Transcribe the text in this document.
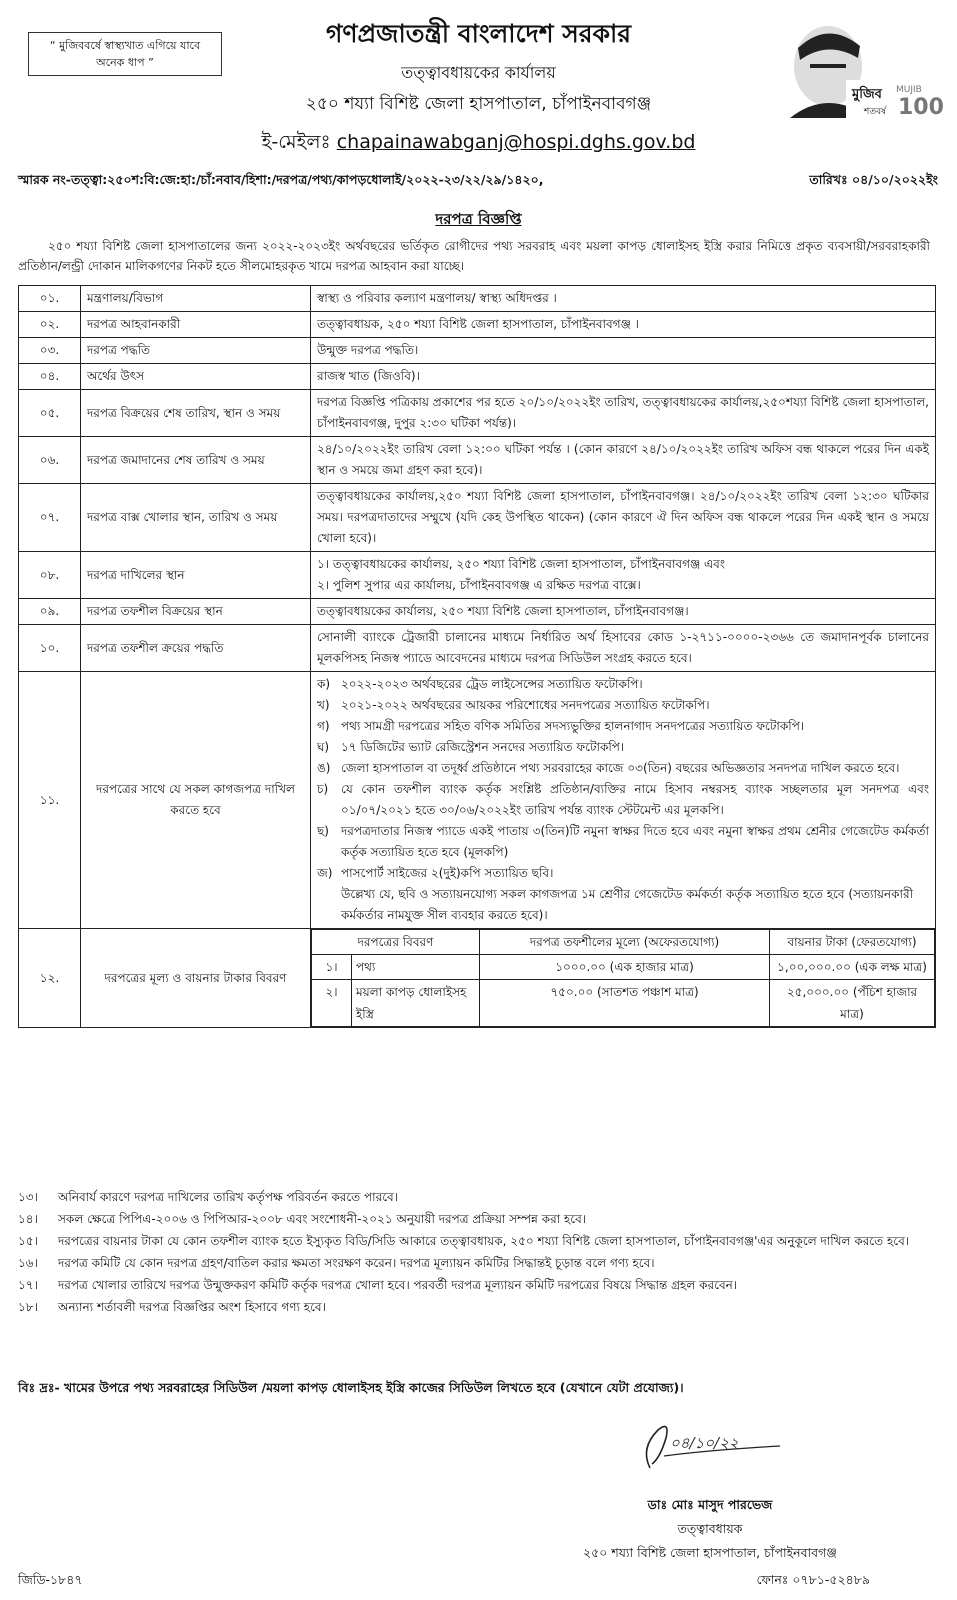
“ মুজিববর্ষে স্বাস্থ্যখাত এগিয়ে যাবে অনেক ধাপ ”
গণপ্রজাতন্ত্রী বাংলাদেশ সরকার
তত্ত্বাবধায়কের কার্যালয়
২৫০ শয্যা বিশিষ্ট জেলা হাসপাতাল, চাঁপাইনবাবগঞ্জ
ই-মেইলঃ chapainawabganj@hospi.dghs.gov.bd
মুজিব
100
MUJIB
শতবর্ষ
স্মারক নং-তত্ত্বা:২৫০শ:বি:জে:হা:/চাঁ:নবাব/হিশা:/দরপত্র/পথ্য/কাপড়ধোলাই/২০২২-২৩/২২/২৯/১৪২০,	তারিখঃ ০৪/১০/২০২২ইং
দরপত্র বিজ্ঞপ্তি
২৫০ শয্যা বিশিষ্ট জেলা হাসপাতালের জন্য ২০২২-২০২৩ইং অর্থবছরের ভর্তিকৃত রোগীদের পথ্য সরবরাহ এবং ময়লা কাপড় ধোলাইসহ ইস্ত্রি করার নিমিত্তে প্রকৃত ব্যবসায়ী/সরবরাহকারী প্রতিষ্ঠান/লন্ড্রী দোকান মালিকগণের নিকট হতে সীলমোহরকৃত খামে দরপত্র আহবান করা যাচ্ছে।
০১.	মন্ত্রণালয়/বিভাগ	স্বাস্থ্য ও পরিবার কল্যাণ মন্ত্রণালয়/ স্বাস্থ্য অধিদপ্তর ।
০২.	দরপত্র আহবানকারী	তত্ত্বাবধায়ক, ২৫০ শয্যা বিশিষ্ট জেলা হাসপাতাল, চাঁপাইনবাবগঞ্জ ।
০৩.	দরপত্র পদ্ধতি	উন্মুক্ত দরপত্র পদ্ধতি।
০৪.	অর্থের উৎস	রাজস্ব খাত (জিওবি)।
০৫.	দরপত্র বিক্রয়ের শেষ তারিখ, স্থান ও সময়	দরপত্র বিজ্ঞপ্তি পত্রিকায় প্রকাশের পর হতে ২০/১০/২০২২ইং তারিখ, তত্ত্বাবধায়কের কার্যালয়,২৫০শয্যা বিশিষ্ট জেলা হাসপাতাল, চাঁপাইনবাবগঞ্জ, দুপুর ২:৩০ ঘটিকা পর্যন্ত)।
০৬.	দরপত্র জমাদানের শেষ তারিখ ও সময়	২৪/১০/২০২২ইং তারিখ বেলা ১২:০০ ঘটিকা পর্যন্ত । (কোন কারণে ২৪/১০/২০২২ইং তারিখ অফিস বন্ধ থাকলে পরের দিন একই স্থান ও সময়ে জমা গ্রহণ করা হবে)।
০৭.	দরপত্র বাক্স খোলার স্থান, তারিখ ও সময়	তত্ত্বাবধায়কের কার্যালয়,২৫০ শয্যা বিশিষ্ট জেলা হাসপাতাল, চাঁপাইনবাবগঞ্জ। ২৪/১০/২০২২ইং তারিখ বেলা ১২:৩০ ঘটিকার সময়। দরপত্রদাতাদের সম্মুখে (যদি কেহ উপস্থিত থাকেন) (কোন কারণে ঐ দিন অফিস বন্ধ থাকলে পরের দিন একই স্থান ও সময়ে খোলা হবে)।
০৮.	দরপত্র দাখিলের স্থান	১। তত্ত্বাবধায়কের কার্যালয়, ২৫০ শয্যা বিশিষ্ট জেলা হাসপাতাল, চাঁপাইনবাবগঞ্জ এবং
২। পুলিশ সুপার এর কার্যালয়, চাঁপাইনবাবগঞ্জ এ রক্ষিত দরপত্র বাক্সে।
০৯.	দরপত্র তফশীল বিক্রয়ের স্থান	তত্ত্বাবধায়কের কার্যালয়, ২৫০ শয্যা বিশিষ্ট জেলা হাসপাতাল, চাঁপাইনবাবগঞ্জ।
১০.	দরপত্র তফশীল ক্রয়ের পদ্ধতি	সোনালী ব্যাংকে ট্রেজারী চালানের মাধ্যমে নির্ধারিত অর্থ হিসাবের কোড ১-২৭১১-০০০০-২৩৬৬ তে জমাদানপূর্বক চালানের মূলকপিসহ নিজস্ব প্যাডে আবেদনের মাধ্যমে দরপত্র সিডিউল সংগ্রহ করতে হবে।
১১.	দরপত্রের সাথে যে সকল কাগজপত্র দাখিল করতে হবে	
ক) ২০২২-২০২৩ অর্থবছরের ট্রেড লাইসেন্সের সত্যায়িত ফটোকপি।
খ) ২০২১-২০২২ অর্থবছরের আয়কর পরিশোধের সনদপত্রের সত্যায়িত ফটোকপি।
গ) পথ্য সামগ্রী দরপত্রের সহিত বণিক সমিতির সদস্যভুক্তির হালনাগাদ সনদপত্রের সত্যায়িত ফটোকপি।
ঘ) ১৭ ডিজিটের ভ্যাট রেজিস্ট্রেশন সনদের সত্যায়িত ফটোকপি।
ঙ) জেলা হাসপাতাল বা তদূর্ধ্ব প্রতিষ্ঠানে পথ্য সরবরাহের কাজে ০৩(তিন) বছরের অভিজ্ঞতার সনদপত্র দাখিল করতে হবে।
চ)	যে কোন তফশীল ব্যাংক কর্তৃক সংশ্লিষ্ট প্রতিষ্ঠান/ব্যক্তির নামে হিসাব নম্বরসহ ব্যাংক সচ্ছলতার মূল সনদপত্র এবং ০১/০৭/২০২১ হতে ৩০/০৬/২০২২ইং তারিখ পর্যন্ত ব্যাংক স্টেটমেন্ট এর মূলকপি।
ছ)	দরপত্রদাতার নিজস্ব প্যাডে একই পাতায় ৩(তিন)টি নমুনা স্বাক্ষর দিতে হবে এবং নমুনা স্বাক্ষর প্রথম শ্রেনীর গেজেটেড কর্মকর্তা কর্তৃক সত্যায়িত হতে হবে (মূলকপি)
জ) পাসপোর্ট সাইজের ২(দুই)কপি সত্যায়িত ছবি।
উল্লেখ্য যে, ছবি ও সত্যায়নযোগ্য সকল কাগজপত্র ১ম শ্রেণীর গেজেটেড কর্মকর্তা কর্তৃক সত্যায়িত হতে হবে (সত্যায়নকারী কর্মকর্তার নামযুক্ত সীল ব্যবহার করতে হবে)।

১২.	দরপত্রের মূল্য ও বায়নার টাকার বিবরণ	
দরপত্রের বিবরণ	দরপত্র তফশীলের মূল্যে (অফেরতযোগ্য)	বায়নার টাকা (ফেরতযোগ্য)
১।	পথ্য	১০০০.০০ (এক হাজার মাত্র)	১,০০,০০০.০০ (এক লক্ষ মাত্র)
২।	ময়লা কাপড় ধোলাইসহ ইস্ত্রি	৭৫০.০০ (সাতশত পঞ্চাশ মাত্র)	২৫,০০০.০০ (পঁচিশ হাজার মাত্র)
১৩।	অনিবার্য কারণে দরপত্র দাখিলের তারিখ কর্তৃপক্ষ পরিবর্তন করতে পারবে।
১৪।	সকল ক্ষেত্রে পিপিএ-২০০৬ ও পিপিআর-২০০৮ এবং সংশোধনী-২০২১ অনুযায়ী দরপত্র প্রক্রিয়া সম্পন্ন করা হবে।
১৫।	দরপত্রের বায়নার টাকা যে কোন তফশীল ব্যাংক হতে ইস্যুকৃত বিডি/সিডি আকারে তত্ত্বাবধায়ক, ২৫০ শয্যা বিশিষ্ট জেলা হাসপাতাল, চাঁপাইনবাবগঞ্জ'এর অনুকূলে দাখিল করতে হবে।
১৬।	দরপত্র কমিটি যে কোন দরপত্র গ্রহণ/বাতিল করার ক্ষমতা সংরক্ষণ করেন। দরপত্র মূল্যায়ন কমিটির সিদ্ধান্তই চূড়ান্ত বলে গণ্য হবে।
১৭।	দরপত্র খোলার তারিখে দরপত্র উন্মুক্তকরণ কমিটি কর্তৃক দরপত্র খোলা হবে। পরবর্তী দরপত্র মূল্যায়ন কমিটি দরপত্রের বিষয়ে সিদ্ধান্ত গ্রহল করবেন।
১৮।	অন্যান্য শর্তাবলী দরপত্র বিজ্ঞপ্তির অংশ হিসাবে গণ্য হবে।
বিঃ দ্রঃ- খামের উপরে পথ্য সরবরাহের সিডিউল /ময়লা কাপড় ধোলাইসহ ইস্ত্রি কাজের সিডিউল লিখতে হবে (যেখানে যেটা প্রযোজ্য)।
০৪/১০/২২
ডাঃ মোঃ মাসুদ পারভেজ
তত্ত্বাবধায়ক
২৫০ শয্যা বিশিষ্ট জেলা হাসপাতাল, চাঁপাইনবাবগঞ্জ
জিডি-১৮৪৭	ফোনঃ ০৭৮১-৫২৪৮৯
